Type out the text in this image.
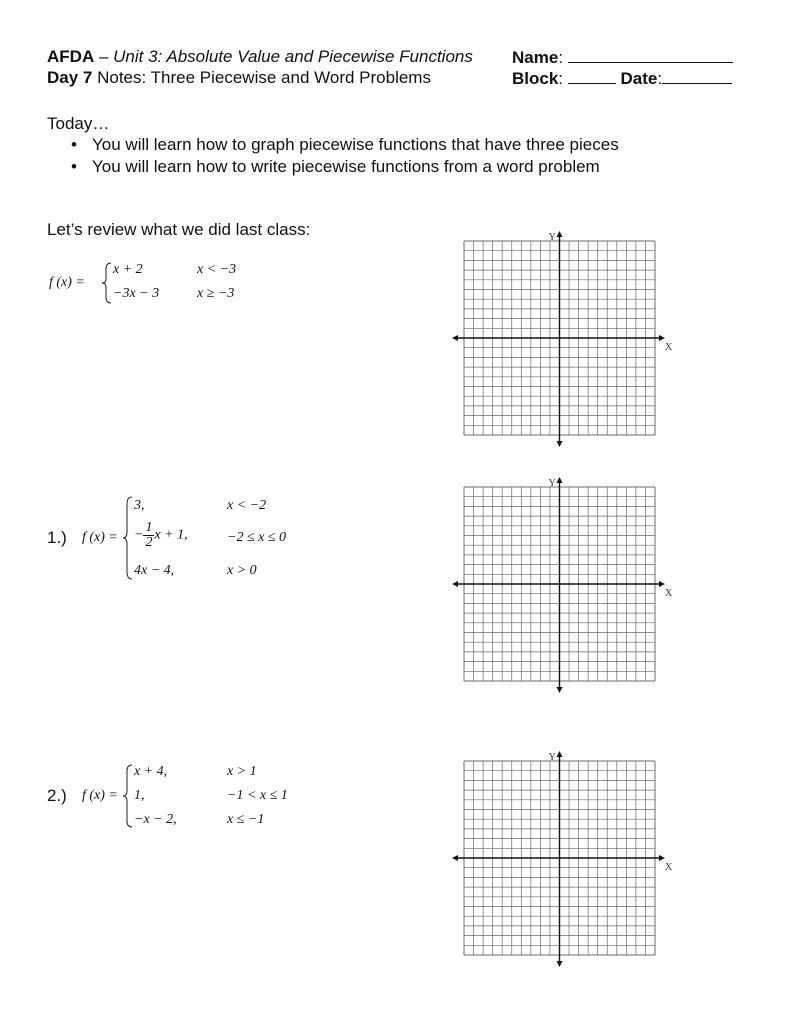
AFDA – Unit 3: Absolute Value and Piecewise Functions Name:
Day 7 Notes: Three Piecewise and Word Problems	Block:	Date:
Today…
• You will learn how to graph piecewise functions that have three pieces
• You will learn how to write piecewise functions from a word problem
Let’s review what we did last class:
f (x) =
x + 2	x < −3
−3x − 3	x ≥ −3
1.) f (x) =
3,	x < −2
− $\frac{1}{2}$ x + 1,	−2 ≤ x ≤ 0
4x − 4,	x > 0
2.) f (x) =
x + 4,	x > 1
1,	−1 < x ≤ 1
−x − 2,	x ≤ −1
X
Y
X
Y
X
Y
